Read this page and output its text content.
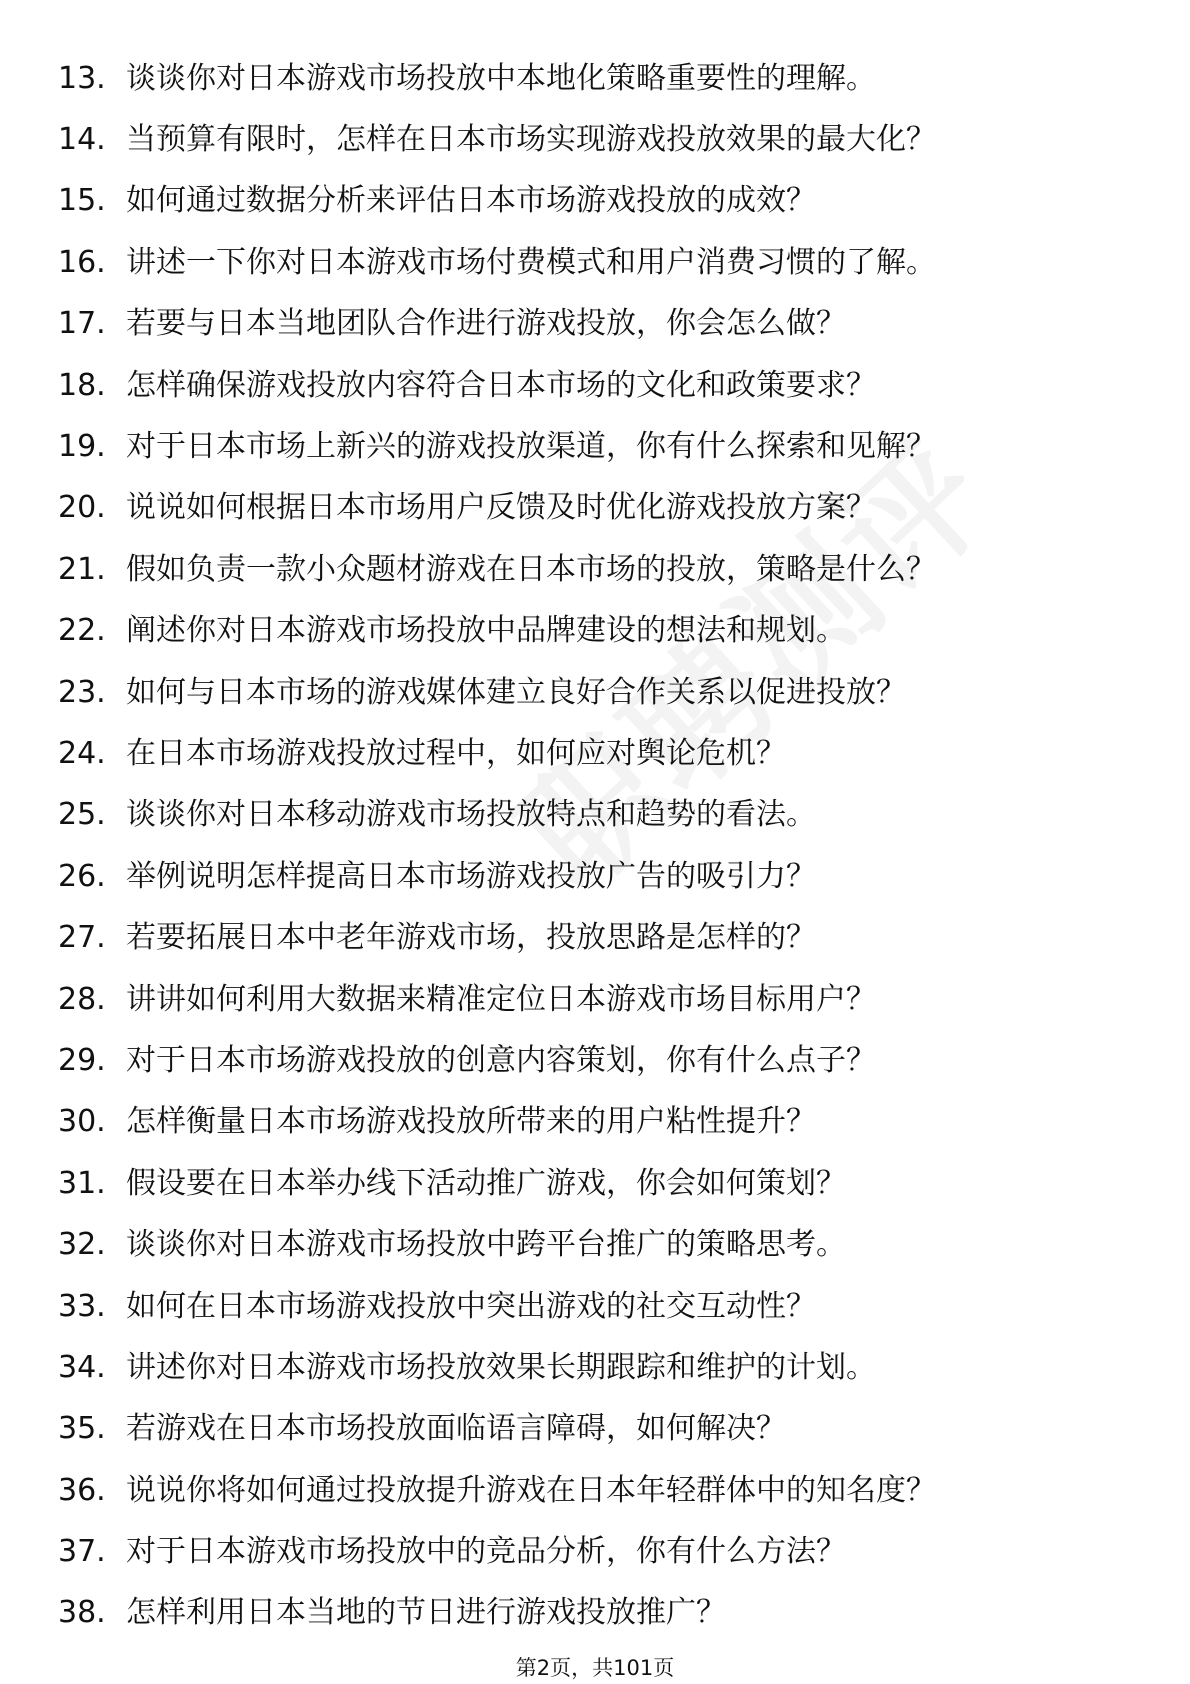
13. 谈谈你对日本游戏市场投放中本地化策略重要性的理解。
14. 当预算有限时，怎样在日本市场实现游戏投放效果的最大化？
15. 如何通过数据分析来评估日本市场游戏投放的成效？
16. 讲述一下你对日本游戏市场付费模式和用户消费习惯的了解。
17. 若要与日本当地团队合作进行游戏投放，你会怎么做？
18. 怎样确保游戏投放内容符合日本市场的文化和政策要求？
19. 对于日本市场上新兴的游戏投放渠道，你有什么探索和见解？
20. 说说如何根据日本市场用户反馈及时优化游戏投放方案？
21. 假如负责一款小众题材游戏在日本市场的投放，策略是什么？
22. 阐述你对日本游戏市场投放中品牌建设的想法和规划。
23. 如何与日本市场的游戏媒体建立良好合作关系以促进投放？
24. 在日本市场游戏投放过程中，如何应对舆论危机？
25. 谈谈你对日本移动游戏市场投放特点和趋势的看法。
26. 举例说明怎样提高日本市场游戏投放广告的吸引力？
27. 若要拓展日本中老年游戏市场，投放思路是怎样的？
28. 讲讲如何利用大数据来精准定位日本游戏市场目标用户？
29. 对于日本市场游戏投放的创意内容策划，你有什么点子？
30. 怎样衡量日本市场游戏投放所带来的用户粘性提升？
31. 假设要在日本举办线下活动推广游戏，你会如何策划？
32. 谈谈你对日本游戏市场投放中跨平台推广的策略思考。
33. 如何在日本市场游戏投放中突出游戏的社交互动性？
34. 讲述你对日本游戏市场投放效果长期跟踪和维护的计划。
35. 若游戏在日本市场投放面临语言障碍，如何解决？
36. 说说你将如何通过投放提升游戏在日本年轻群体中的知名度？
37. 对于日本游戏市场投放中的竞品分析，你有什么方法？
38. 怎样利用日本当地的节日进行游戏投放推广？
第2页，共101页
